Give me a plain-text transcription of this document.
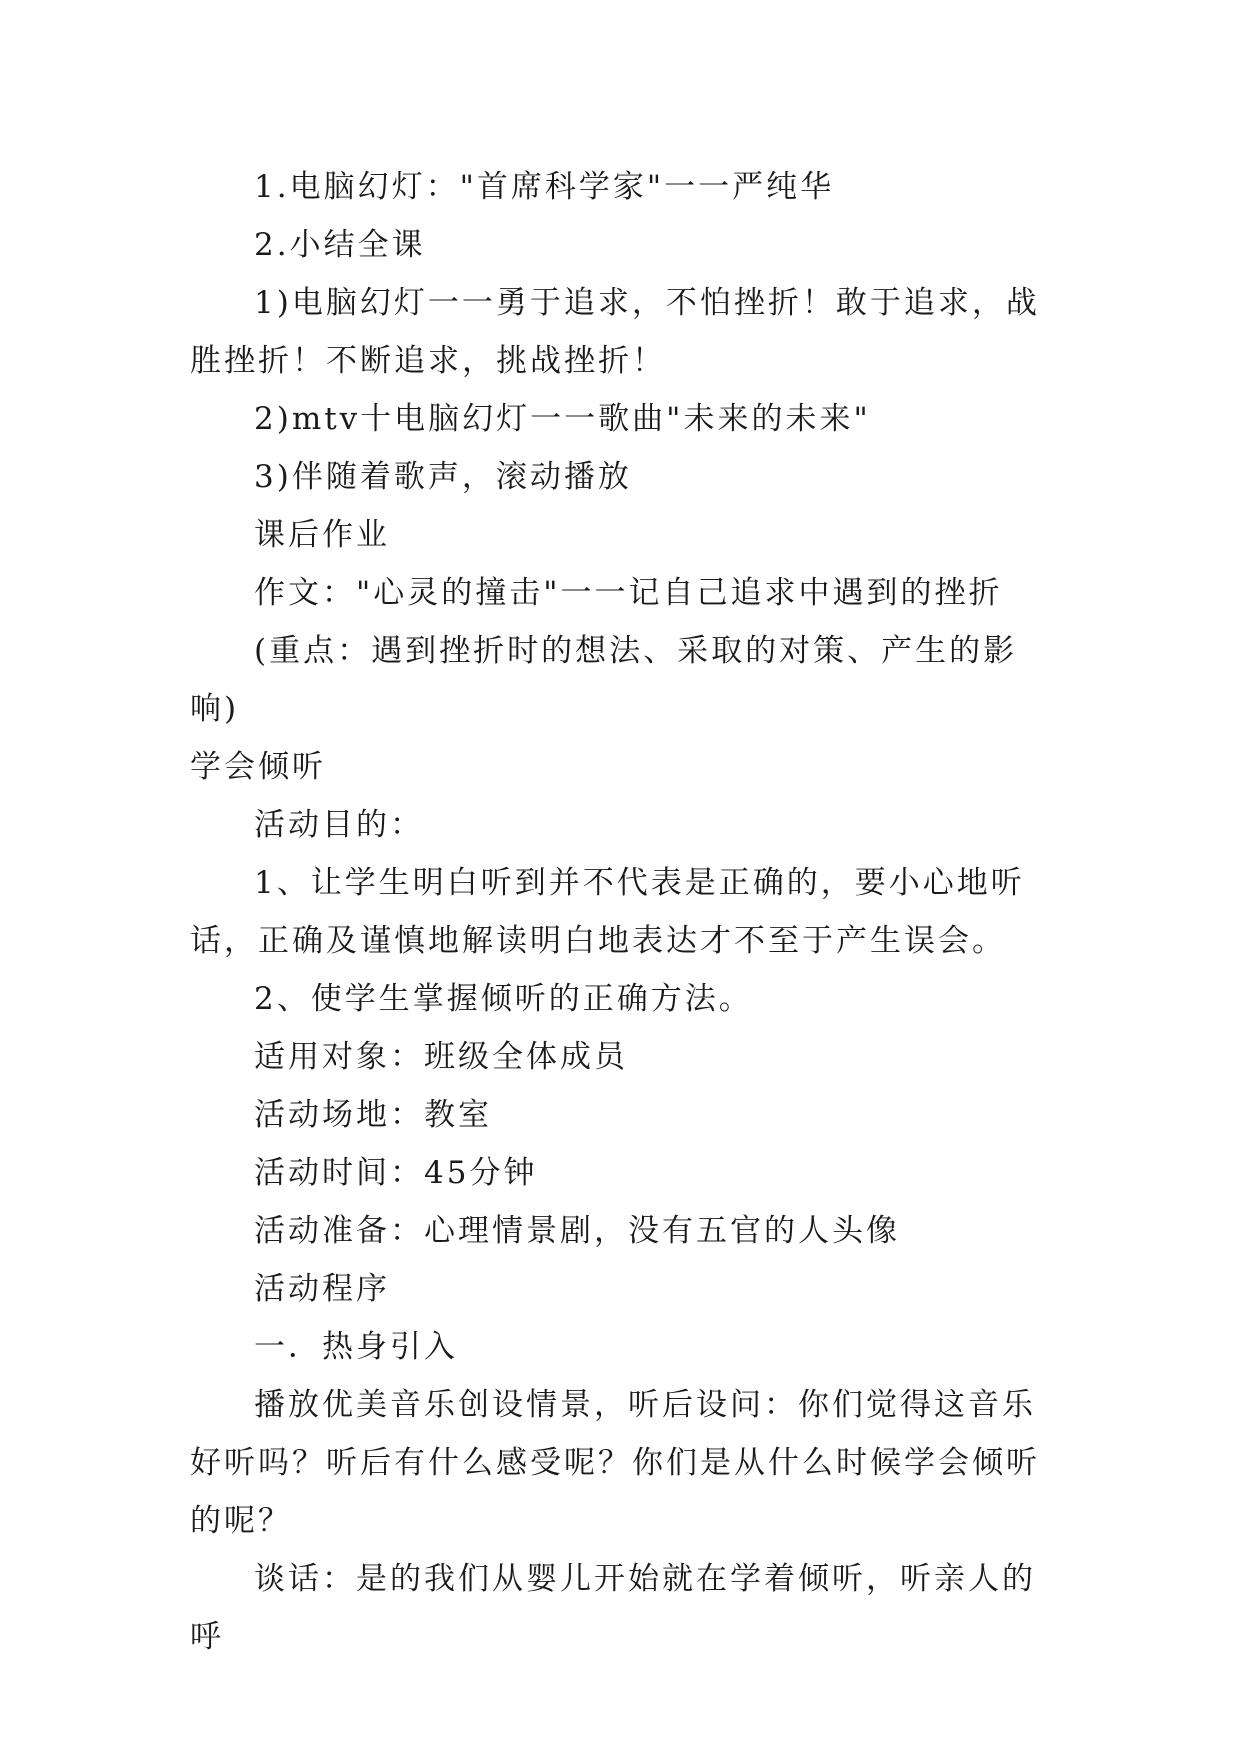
1.电脑幻灯："首席科学家"一一严纯华

2.小结全课

1)电脑幻灯一一勇于追求，不怕挫折！敢于追求，战胜挫折！不断追求，挑战挫折！

2)mtv十电脑幻灯一一歌曲"未来的未来"

3)伴随着歌声，滚动播放

课后作业

作文："心灵的撞击"一一记自己追求中遇到的挫折

(重点：遇到挫折时的想法、采取的对策、产生的影响)

学会倾听

活动目的：

1、让学生明白听到并不代表是正确的，要小心地听话，正确及谨慎地解读明白地表达才不至于产生误会。

2、使学生掌握倾听的正确方法。

适用对象：班级全体成员

活动场地：教室

活动时间：45分钟

活动准备：心理情景剧，没有五官的人头像

活动程序

一．热身引入

播放优美音乐创设情景，听后设问：你们觉得这音乐好听吗？听后有什么感受呢？你们是从什么时候学会倾听的呢？

谈话：是的我们从婴儿开始就在学着倾听，听亲人的呼
